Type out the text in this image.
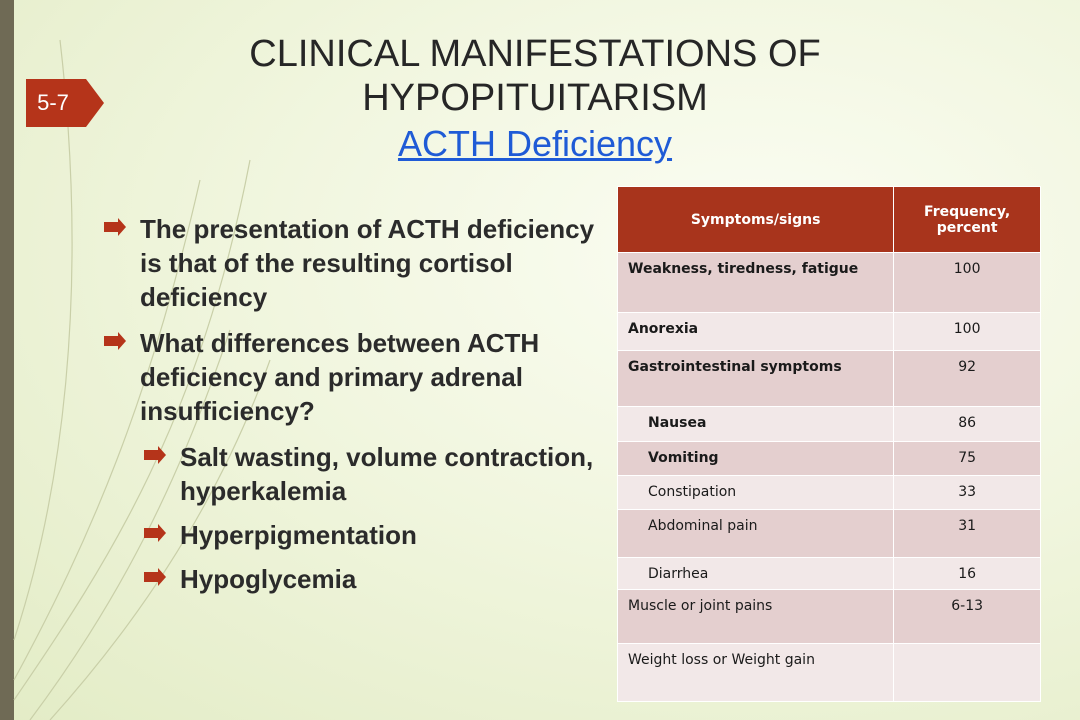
5-7
CLINICAL MANIFESTATIONS OF
HYPOPITUITARISM
ACTH Deficiency
The presentation of ACTH deficiency is that of the resulting cortisol deficiency
What differences between ACTH deficiency and primary adrenal insufficiency?
Salt wasting, volume contraction, hyperkalemia
Hyperpigmentation
Hypoglycemia
Symptoms/signs	Frequency, percent

Weakness, tiredness, fatigue	100

Anorexia	100

Gastrointestinal symptoms	92

Nausea	86

Vomiting	75

Constipation	33

Abdominal pain	31

Diarrhea	16

Muscle or joint pains	6-13

Weight loss or Weight gain	
